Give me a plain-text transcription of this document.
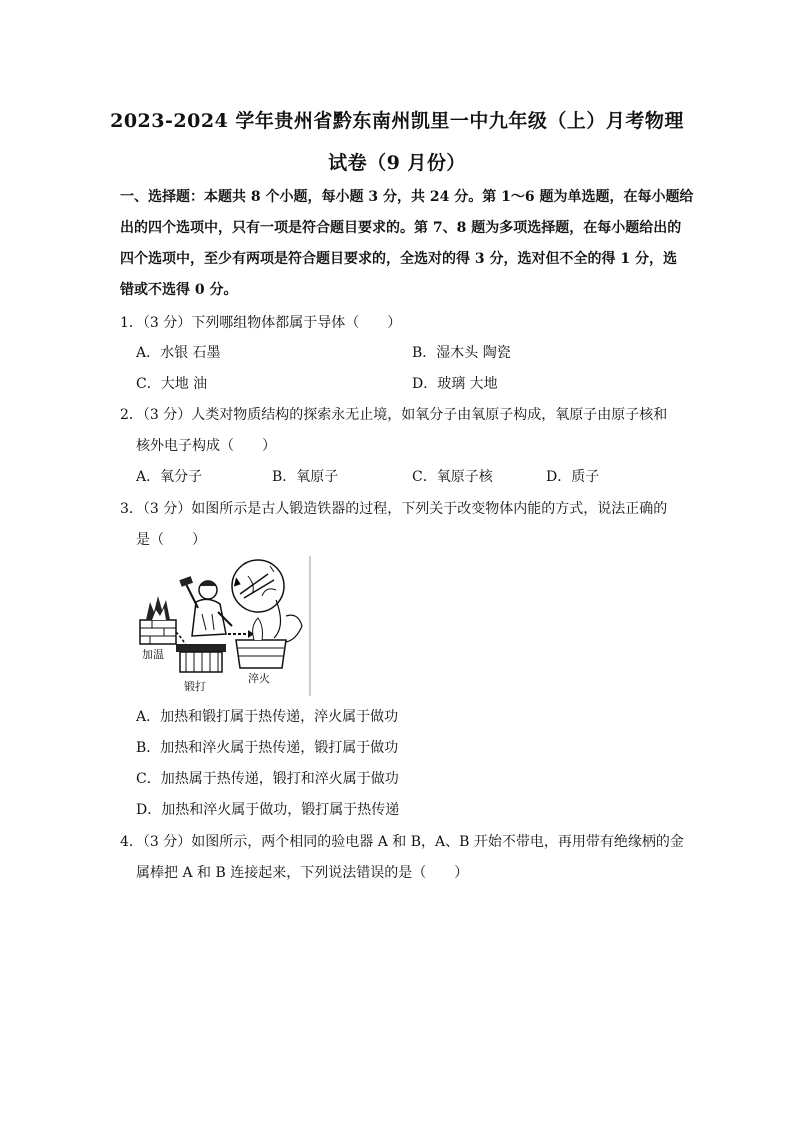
2023-2024 学年贵州省黔东南州凯里一中九年级（上）月考物理
试卷（9 月份）
一、选择题：本题共 8 个小题，每小题 3 分，共 24 分。第 1～6 题为单选题，在每小题给
出的四个选项中，只有一项是符合题目要求的。第 7、8 题为多项选择题，在每小题给出的
四个选项中，至少有两项是符合题目要求的，全选对的得 3 分，选对但不全的得 1 分，选
错或不选得 0 分。
1．（3 分）下列哪组物体都属于导体（　　）
A．水银 石墨	B．湿木头 陶瓷
C．大地 油	D．玻璃 大地
2．（3 分）人类对物质结构的探索永无止境，如氧分子由氧原子构成，氧原子由原子核和
核外电子构成（　　）
A．氧分子	B．氧原子	C．氧原子核	D．质子
3．（3 分）如图所示是古人锻造铁器的过程，下列关于改变物体内能的方式，说法正确的
是（　　）
加温
锻打
淬火
A．加热和锻打属于热传递，淬火属于做功
B．加热和淬火属于热传递，锻打属于做功
C．加热属于热传递，锻打和淬火属于做功
D．加热和淬火属于做功，锻打属于热传递
4．（3 分）如图所示，两个相同的验电器 A 和 B，A、B 开始不带电，再用带有绝缘柄的金
属棒把 A 和 B 连接起来，下列说法错误的是（　　）
